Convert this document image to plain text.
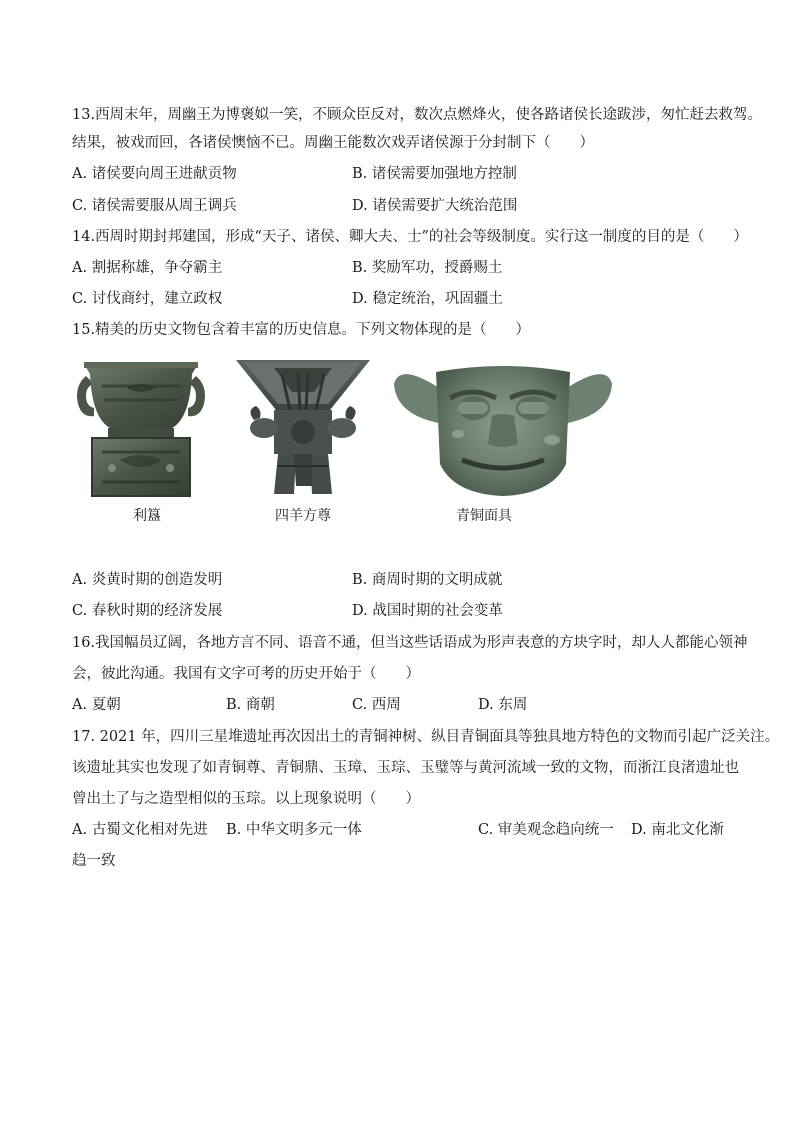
13.西周末年，周幽王为博褒姒一笑，不顾众臣反对，数次点燃烽火，使各路诸侯长途跋涉，匆忙赶去救驾。
结果，被戏而回，各诸侯懊恼不已。周幽王能数次戏弄诸侯源于分封制下（　　）
A. 诸侯要向周王进献贡物	B. 诸侯需要加强地方控制
C. 诸侯需要服从周王调兵	D. 诸侯需要扩大统治范围
14.西周时期封邦建国，形成“天子、诸侯、卿大夫、士”的社会等级制度。实行这一制度的目的是（　　）
A. 割据称雄，争夺霸主	B. 奖励军功，授爵赐土
C. 讨伐商纣，建立政权	D. 稳定统治，巩固疆土
15.精美的历史文物包含着丰富的历史信息。下列文物体现的是（　　）
利簋	四羊方尊	青铜面具
A. 炎黄时期的创造发明	B. 商周时期的文明成就
C. 春秋时期的经济发展	D. 战国时期的社会变革
16.我国幅员辽阔，各地方言不同、语音不通，但当这些话语成为形声表意的方块字时，却人人都能心领神
会，彼此沟通。我国有文字可考的历史开始于（　　）
A. 夏朝	B. 商朝	C. 西周	D. 东周
17. 2021 年，四川三星堆遗址再次因出土的青铜神树、纵目青铜面具等独具地方特色的文物而引起广泛关注。
该遗址其实也发现了如青铜尊、青铜鼎、玉璋、玉琮、玉璧等与黄河流域一致的文物，而浙江良渚遗址也
曾出土了与之造型相似的玉琮。以上现象说明（　　）
A. 古蜀文化相对先进 B. 中华文明多元一体	C. 审美观念趋向统一 D. 南北文化渐
趋一致
